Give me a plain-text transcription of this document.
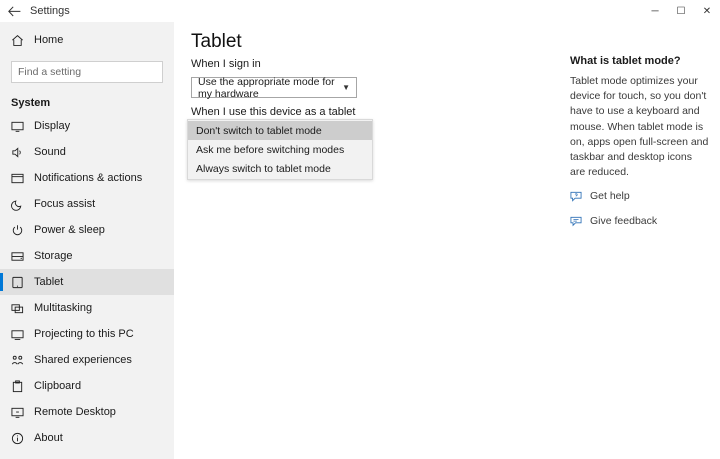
Settings	─	☐	✕
Home
Find a setting
System
Display
Sound
Notifications & actions
Focus assist
Power & sleep
Storage
Tablet
Multitasking
Projecting to this PC
Shared experiences
Clipboard
Remote Desktop
About
Tablet
When I sign in
Use the appropriate mode for my hardware	▼
When I use this device as a tablet
Don't switch to tablet mode
Ask me before switching modes
Always switch to tablet mode
What is tablet mode?

Tablet mode optimizes your device for touch, so you don't have to use a keyboard and mouse. When tablet mode is on, apps open full-screen and taskbar and desktop icons are reduced.

Get help
Give feedback
